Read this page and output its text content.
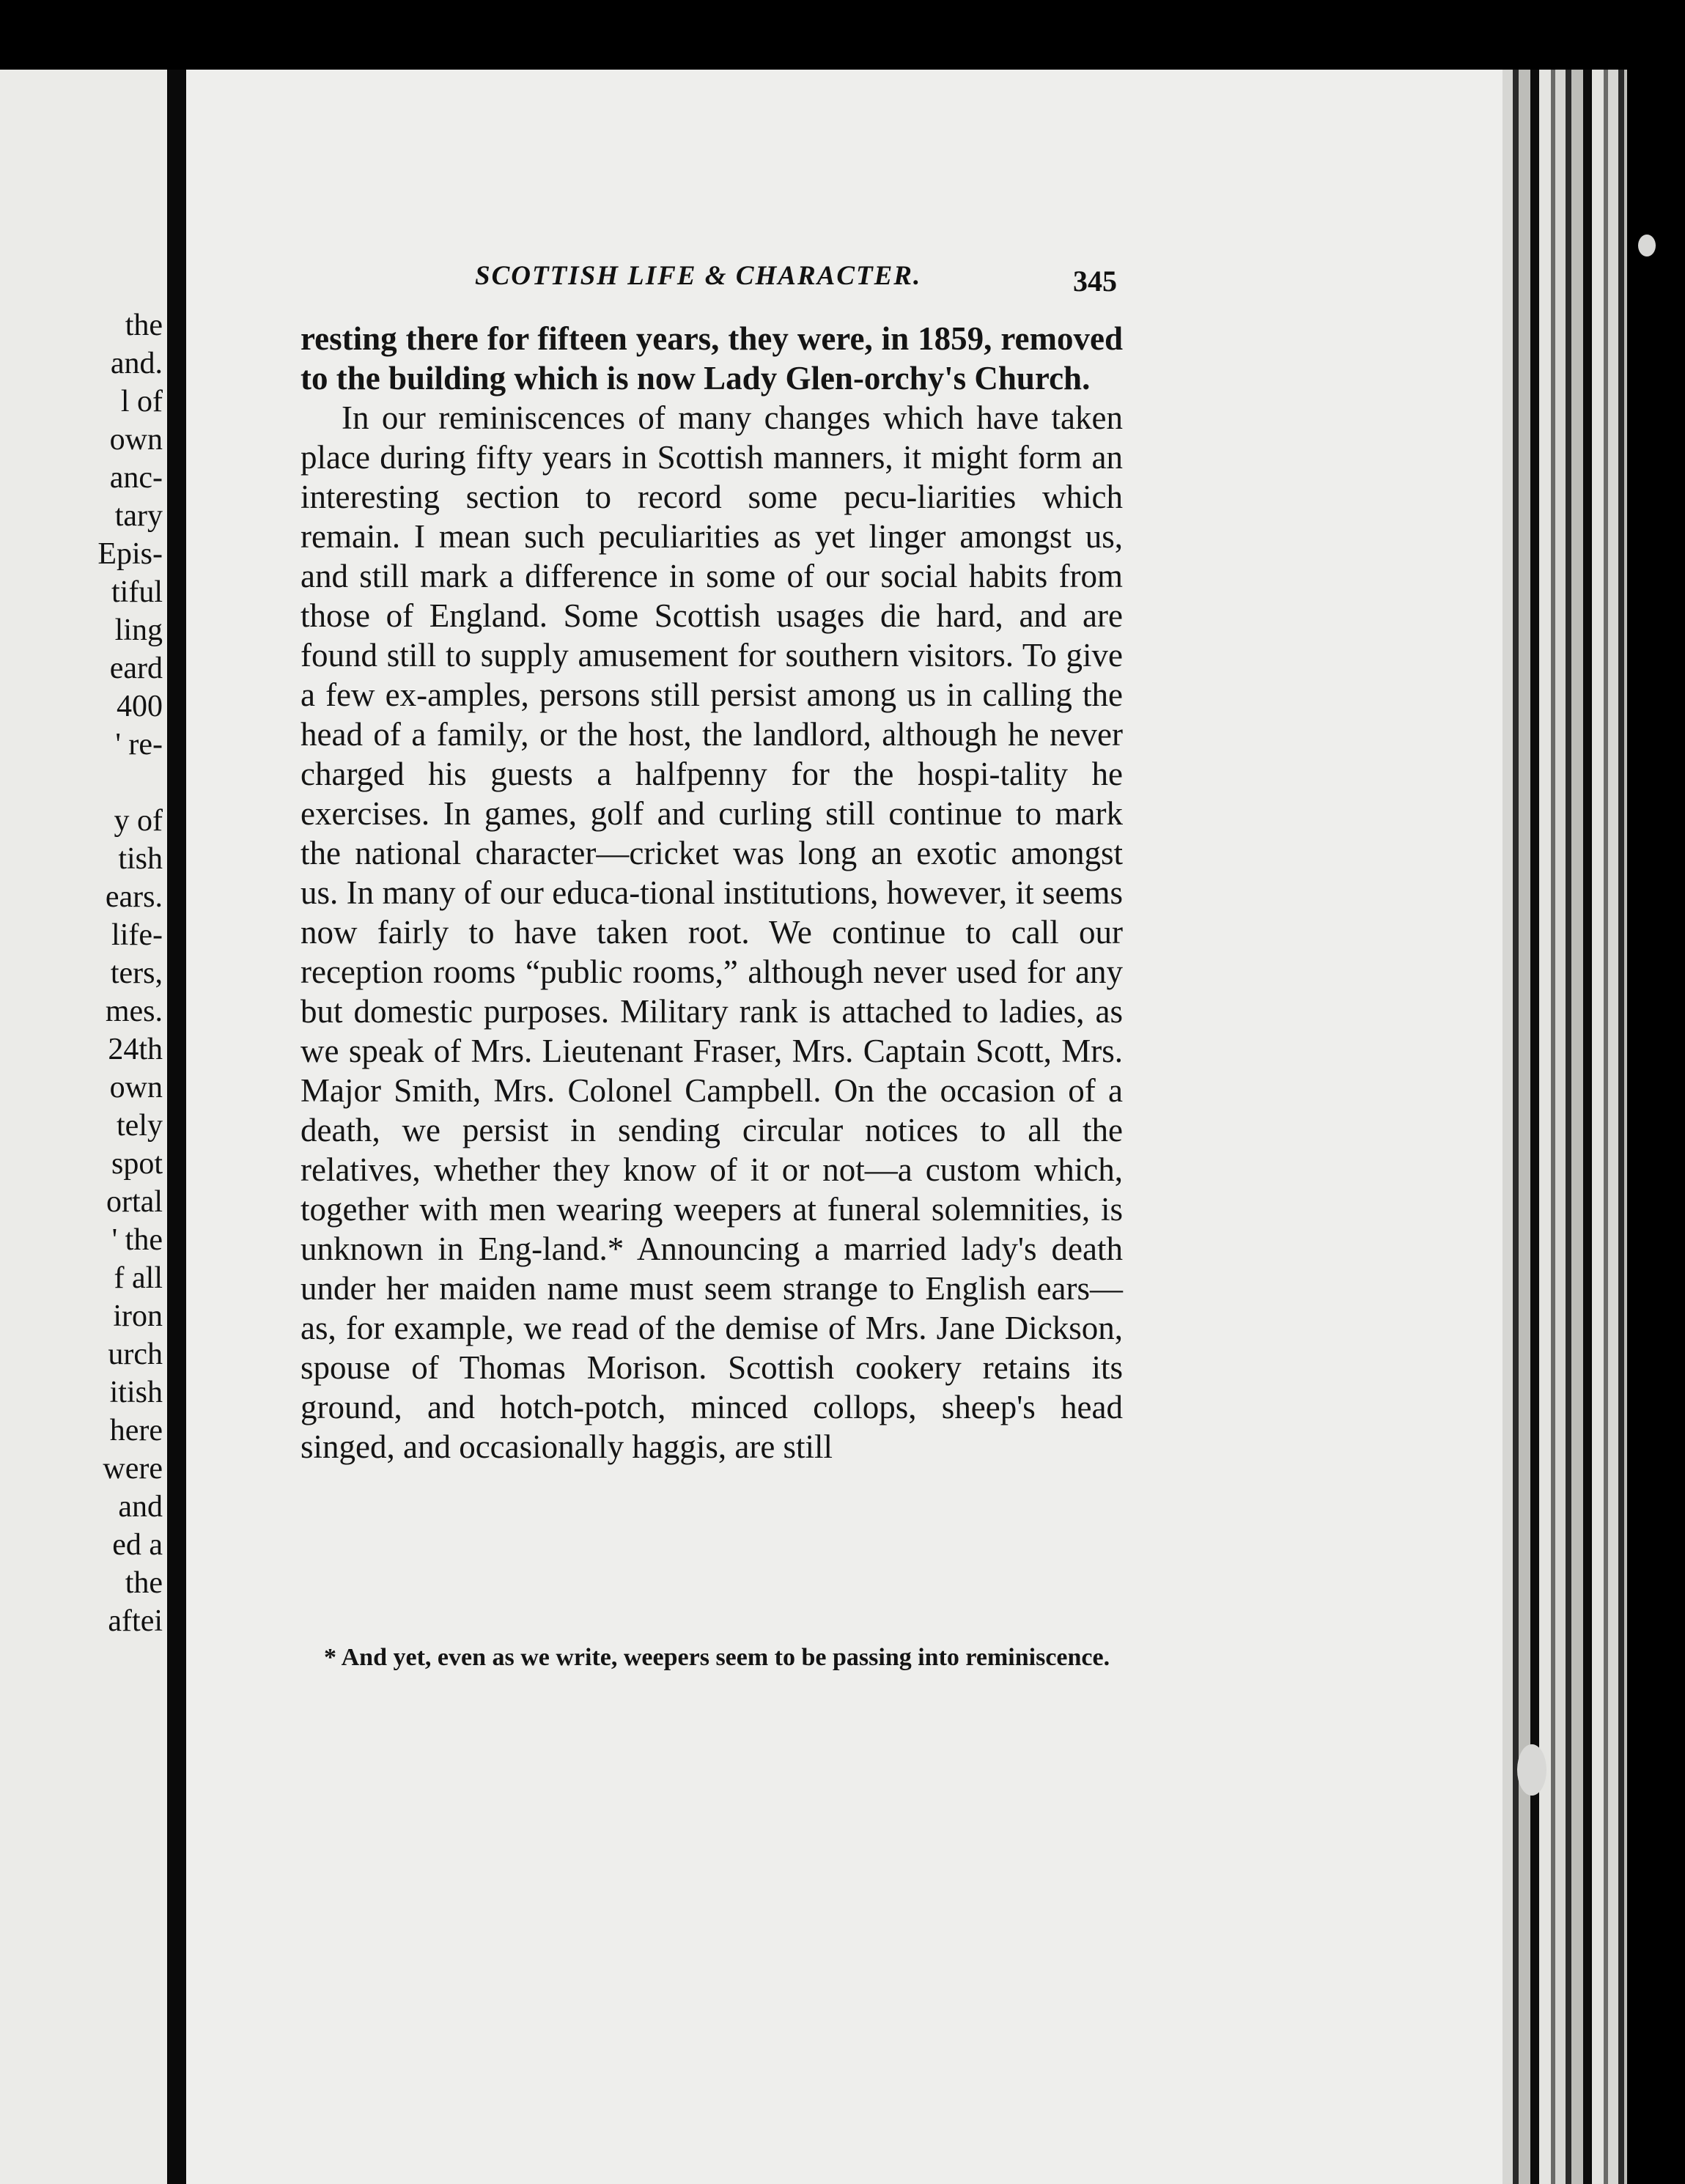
the
and.
l of
own
anc-
tary
Epis-
tiful
ling
eard
400
' re-

y of
tish
ears.
life-
ters,
mes.
24th
own
tely
spot
ortal
' the
f all
iron
urch
itish
here
were
and
ed a
the
aftei
SCOTTISH LIFE & CHARACTER.	345

resting there for fifteen years, they were, in 1859, removed to the building which is now Lady Glen-orchy's Church.

In our reminiscences of many changes which have taken place during fifty years in Scottish manners, it might form an interesting section to record some pecu-liarities which remain. I mean such peculiarities as yet linger amongst us, and still mark a difference in some of our social habits from those of England. Some Scottish usages die hard, and are found still to supply amusement for southern visitors. To give a few ex-amples, persons still persist among us in calling the head of a family, or the host, the landlord, although he never charged his guests a halfpenny for the hospi-tality he exercises. In games, golf and curling still continue to mark the national character—cricket was long an exotic amongst us. In many of our educa-tional institutions, however, it seems now fairly to have taken root. We continue to call our reception rooms “public rooms,” although never used for any but domestic purposes. Military rank is attached to ladies, as we speak of Mrs. Lieutenant Fraser, Mrs. Captain Scott, Mrs. Major Smith, Mrs. Colonel Campbell. On the occasion of a death, we persist in sending circular notices to all the relatives, whether they know of it or not—a custom which, together with men wearing weepers at funeral solemnities, is unknown in Eng-land.* Announcing a married lady's death under her maiden name must seem strange to English ears—as, for example, we read of the demise of Mrs. Jane Dickson, spouse of Thomas Morison. Scottish cookery retains its ground, and hotch-potch, minced collops, sheep's head singed, and occasionally haggis, are still

* And yet, even as we write, weepers seem to be passing into reminiscence.
